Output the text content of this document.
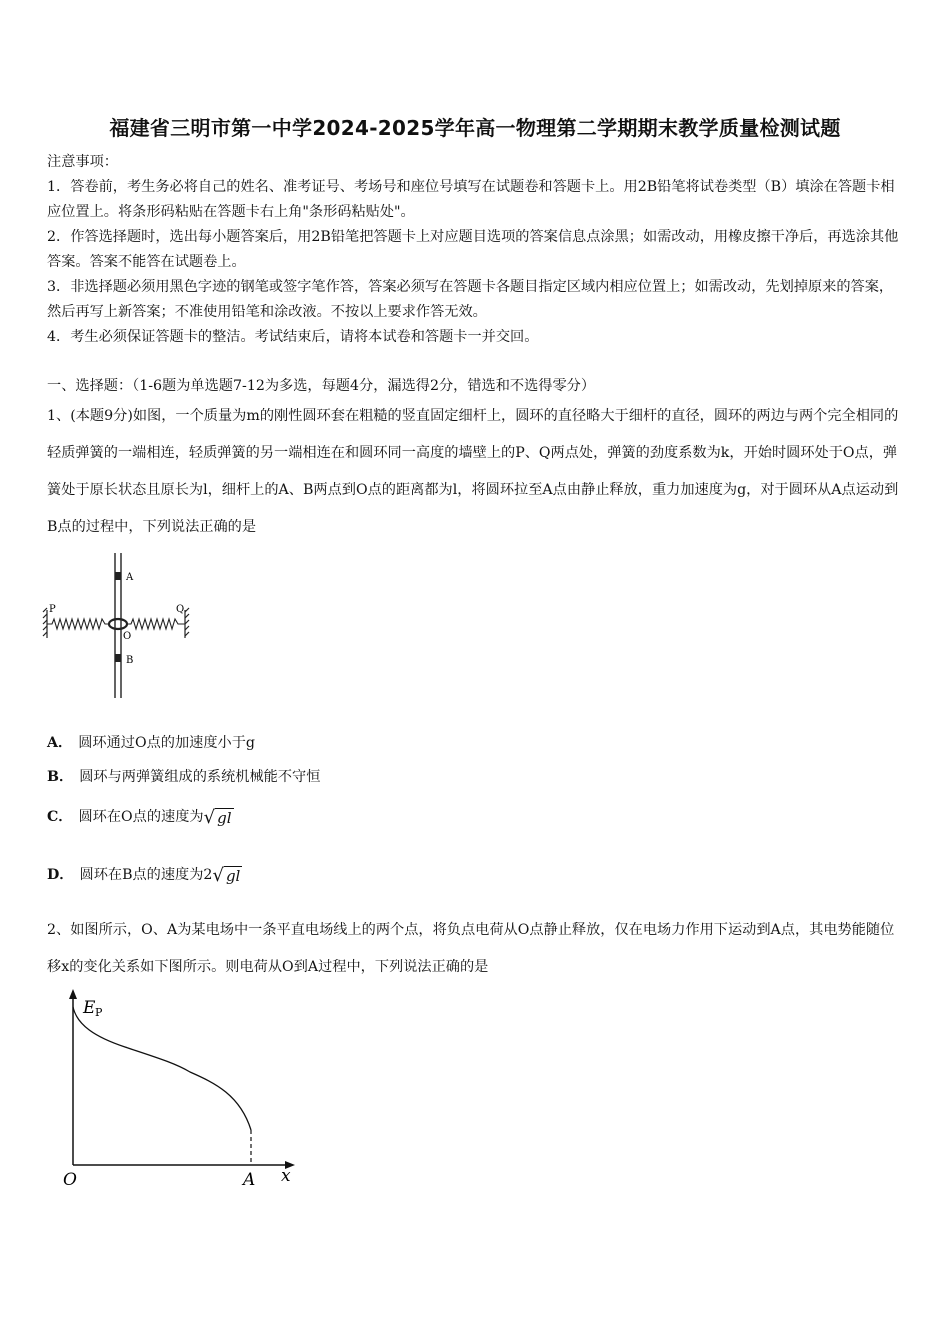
福建省三明市第一中学2024-2025学年高一物理第二学期期末教学质量检测试题

注意事项：

1．答卷前，考生务必将自己的姓名、准考证号、考场号和座位号填写在试题卷和答题卡上。用2B铅笔将试卷类型（B）填涂在答题卡相应位置上。将条形码粘贴在答题卡右上角"条形码粘贴处"。

2．作答选择题时，选出每小题答案后，用2B铅笔把答题卡上对应题目选项的答案信息点涂黑；如需改动，用橡皮擦干净后，再选涂其他答案。答案不能答在试题卷上。

3．非选择题必须用黑色字迹的钢笔或签字笔作答，答案必须写在答题卡各题目指定区域内相应位置上；如需改动，先划掉原来的答案，然后再写上新答案；不准使用铅笔和涂改液。不按以上要求作答无效。

4．考生必须保证答题卡的整洁。考试结束后，请将本试卷和答题卡一并交回。

一、选择题：（1-6题为单选题7-12为多选，每题4分，漏选得2分，错选和不选得零分）
1、(本题9分)如图，一个质量为m的刚性圆环套在粗糙的竖直固定细杆上，圆环的直径略大于细杆的直径，圆环的两边与两个完全相同的轻质弹簧的一端相连，轻质弹簧的另一端相连在和圆环同一高度的墙壁上的P、Q两点处，弹簧的劲度系数为k，开始时圆环处于O点，弹簧处于原长状态且原长为l，细杆上的A、B两点到O点的距离都为l，将圆环拉至A点由静止释放，重力加速度为g，对于圆环从A点运动到B点的过程中，下列说法正确的是
P	Q
A
O
B
A． 圆环通过O点的加速度小于g
B． 圆环与两弹簧组成的系统机械能不守恒
C． 圆环在O点的速度为√ gl
D． 圆环在B点的速度为2√ gl
2、如图所示，O、A为某电场中一条平直电场线上的两个点，将负点电荷从O点静止释放，仅在电场力作用下运动到A点，其电势能随位移x的变化关系如下图所示。则电荷从O到A过程中，下列说法正确的是
E P
O	A x
